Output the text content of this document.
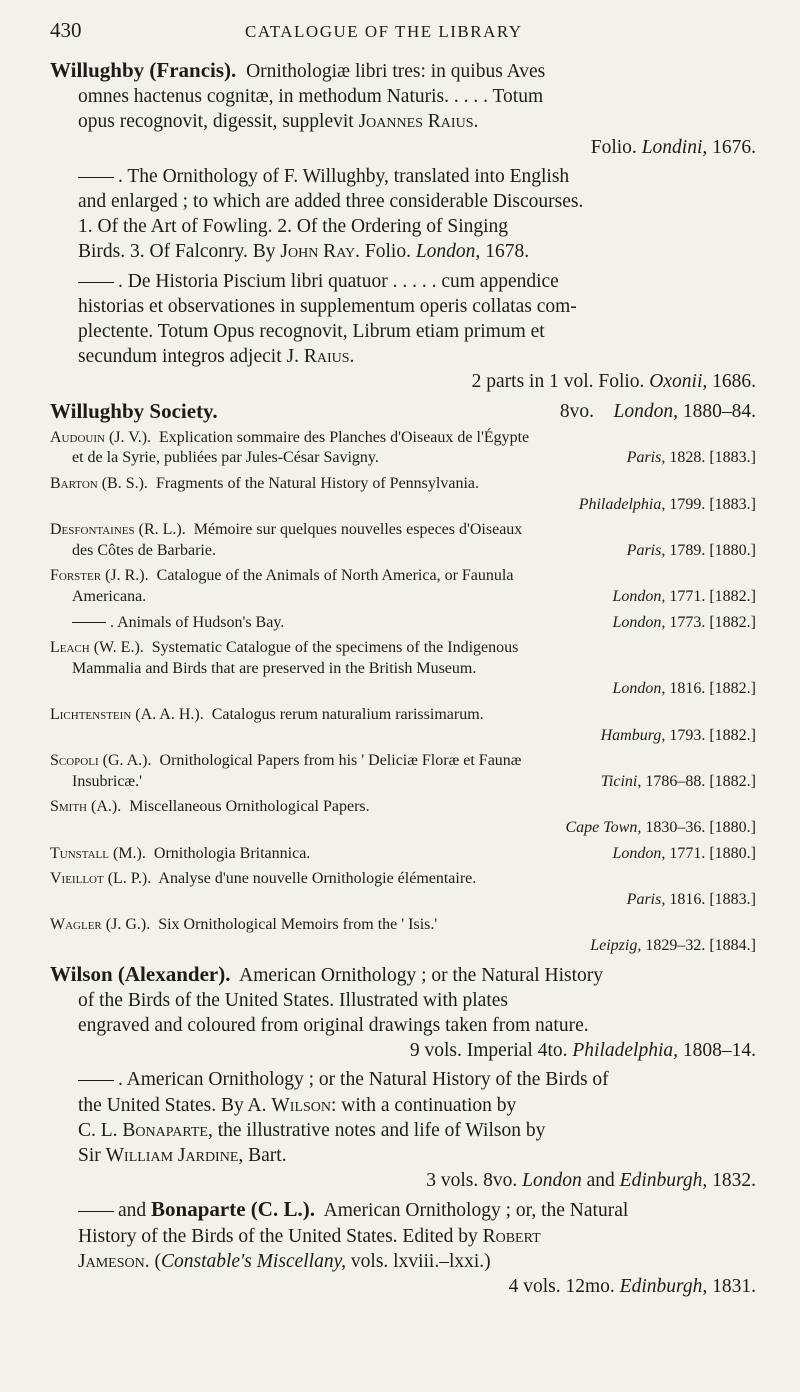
430	CATALOGUE OF THE LIBRARY

Willughby (Francis). Ornithologiæ libri tres: in quibus Aves

omnes hactenus cognitæ, in methodum Naturis. . . . . Totum

opus recognovit, digessit, supplevit Joannes Raius.

Folio. Londini, 1676.

. The Ornithology of F. Willughby, translated into English

and enlarged ; to which are added three considerable Discourses.

1. Of the Art of Fowling. 2. Of the Ordering of Singing

Birds. 3. Of Falconry. By John Ray. Folio. London, 1678.

. De Historia Piscium libri quatuor . . . . . cum appendice

historias et observationes in supplementum operis collatas com-

plectente. Totum Opus recognovit, Librum etiam primum et

secundum integros adjecit J. Raius.

2 parts in 1 vol. Folio. Oxonii, 1686.

Willughby Society.	8vo. London, 1880–84.

Audouin (J. V.). Explication sommaire des Planches d'Oiseaux de l'Égypte

et de la Syrie, publiées par Jules-César Savigny.	Paris, 1828. [1883.]

Barton (B. S.). Fragments of the Natural History of Pennsylvania.

Philadelphia, 1799. [1883.]

Desfontaines (R. L.). Mémoire sur quelques nouvelles especes d'Oiseaux

des Côtes de Barbarie.	Paris, 1789. [1880.]

Forster (J. R.). Catalogue of the Animals of North America, or Faunula

Americana.	London, 1771. [1882.]

. Animals of Hudson's Bay.	London, 1773. [1882.]

Leach (W. E.). Systematic Catalogue of the specimens of the Indigenous

Mammalia and Birds that are preserved in the British Museum.

London, 1816. [1882.]

Lichtenstein (A. A. H.). Catalogus rerum naturalium rarissimarum.

Hamburg, 1793. [1882.]

Scopoli (G. A.). Ornithological Papers from his ' Deliciæ Floræ et Faunæ

Insubricæ.'	Ticini, 1786–88. [1882.]

Smith (A.). Miscellaneous Ornithological Papers.

Cape Town, 1830–36. [1880.]

Tunstall (M.). Ornithologia Britannica.	London, 1771. [1880.]

Vieillot (L. P.). Analyse d'une nouvelle Ornithologie élémentaire.

Paris, 1816. [1883.]

Wagler (J. G.). Six Ornithological Memoirs from the ' Isis.'

Leipzig, 1829–32. [1884.]

Wilson (Alexander). American Ornithology ; or the Natural History

of the Birds of the United States. Illustrated with plates

engraved and coloured from original drawings taken from nature.

9 vols. Imperial 4to. Philadelphia, 1808–14.

. American Ornithology ; or the Natural History of the Birds of

the United States. By A. Wilson: with a continuation by

C. L. Bonaparte, the illustrative notes and life of Wilson by

Sir William Jardine, Bart.

3 vols. 8vo. London and Edinburgh, 1832.

and Bonaparte (C. L.). American Ornithology ; or, the Natural

History of the Birds of the United States. Edited by Robert

Jameson. (Constable's Miscellany, vols. lxviii.–lxxi.)

4 vols. 12mo. Edinburgh, 1831.
